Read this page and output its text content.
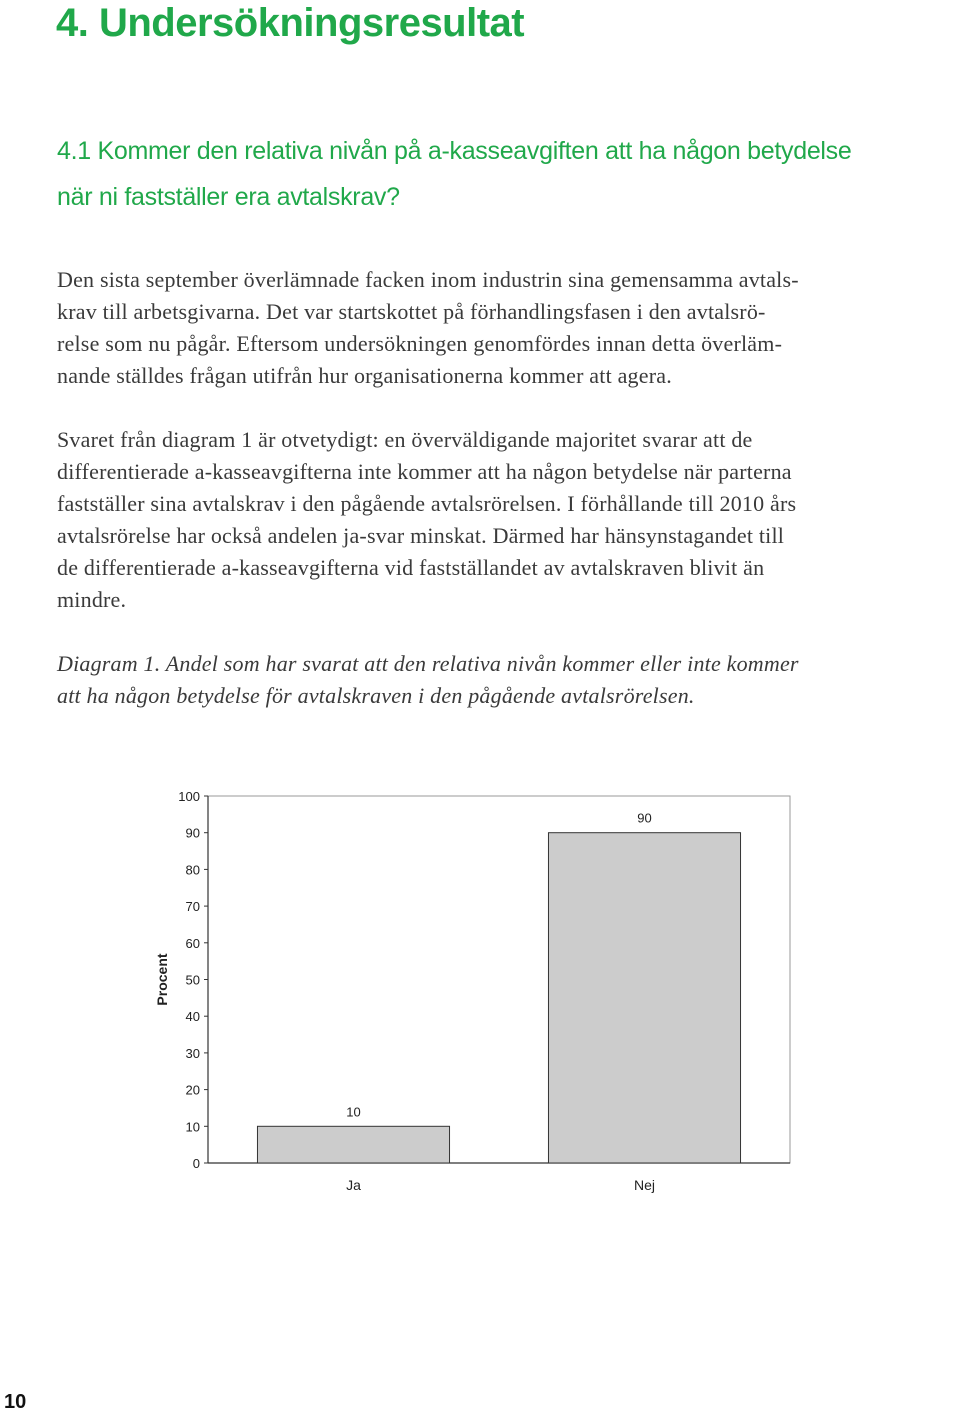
4. Undersökningsresultat
4.1 Kommer den relativa nivån på a-kasseavgiften att ha någon betydelse
när ni fastställer era avtalskrav?
Den sista september överlämnade facken inom industrin sina gemensamma avtals-
krav till arbetsgivarna. Det var startskottet på förhandlingsfasen i den avtalsrö-
relse som nu pågår. Eftersom undersökningen genomfördes innan detta överläm-
nande ställdes frågan utifrån hur organisationerna kommer att agera.
Svaret från diagram 1 är otvetydigt: en överväldigande majoritet svarar att de
differentierade a-kasseavgifterna inte kommer att ha någon betydelse när parterna
fastställer sina avtalskrav i den pågående avtalsrörelsen. I förhållande till 2010 års
avtalsrörelse har också andelen ja-svar minskat. Därmed har hänsynstagandet till
de differentierade a-kasseavgifterna vid fastställandet av avtalskraven blivit än
mindre.
Diagram 1. Andel som har svarat att den relativa nivån kommer eller inte kommer
att ha någon betydelse för avtalskraven i den pågående avtalsrörelsen.
0
10
20
30
40
50
60
70
80
90
100
Procent
10
Ja
90
Nej
10
